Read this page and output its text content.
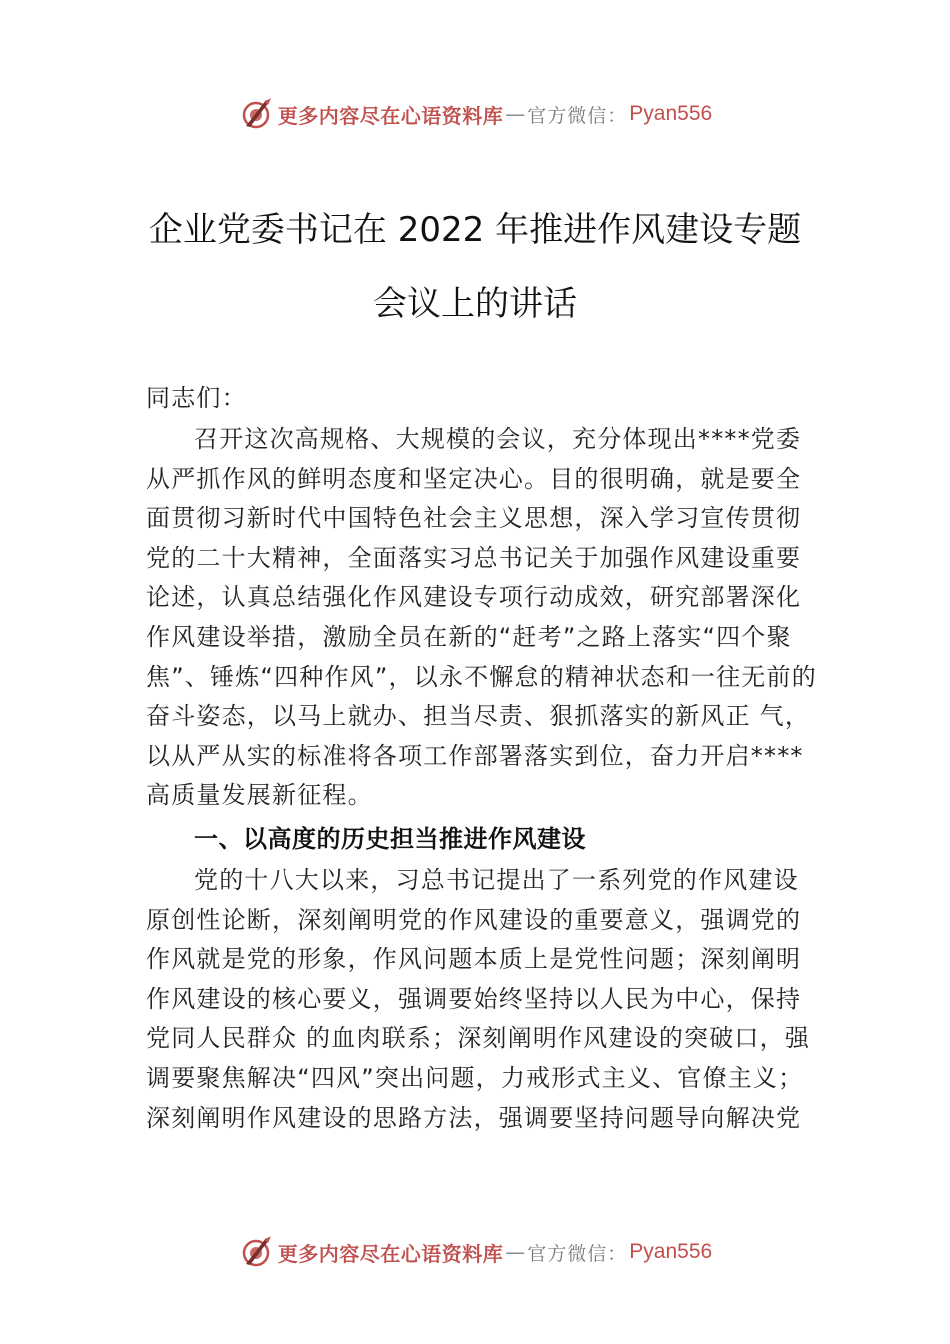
更多内容尽在心语资料库 — 官方微信： Pyan556
企业党委书记在 2022 年推进作风建设专题
会议上的讲话
同志们：

召开这次高规格、大规模的会议，充分体现出****党委从严抓作风的鲜明态度和坚定决心。目的很明确，就是要全面贯彻习新时代中国特色社会主义思想，深入学习宣传贯彻党的二十大精神，全面落实习总书记关于加强作风建设重要论述，认真总结强化作风建设专项行动成效，研究部署深化作风建设举措，激励全员在新的“赶考”之路上落实“四个聚焦”、锤炼“四种作风”，以永不懈怠的精神状态和一往无前的奋斗姿态，以马上就办、担当尽责、狠抓落实的新风正 气，以从严从实的标准将各项工作部署落实到位，奋力开启****高质量发展新征程。

一、以高度的历史担当推进作风建设

党的十八大以来，习总书记提出了一系列党的作风建设原创性论断，深刻阐明党的作风建设的重要意义，强调党的作风就是党的形象，作风问题本质上是党性问题；深刻阐明作风建设的核心要义，强调要始终坚持以人民为中心，保持党同人民群众 的血肉联系；深刻阐明作风建设的突破口，强调要聚焦解决“四风”突出问题，力戒形式主义、官僚主义；深刻阐明作风建设的思路方法，强调要坚持问题导向解决党

更多内容尽在心语资料库 — 官方微信： Pyan556
